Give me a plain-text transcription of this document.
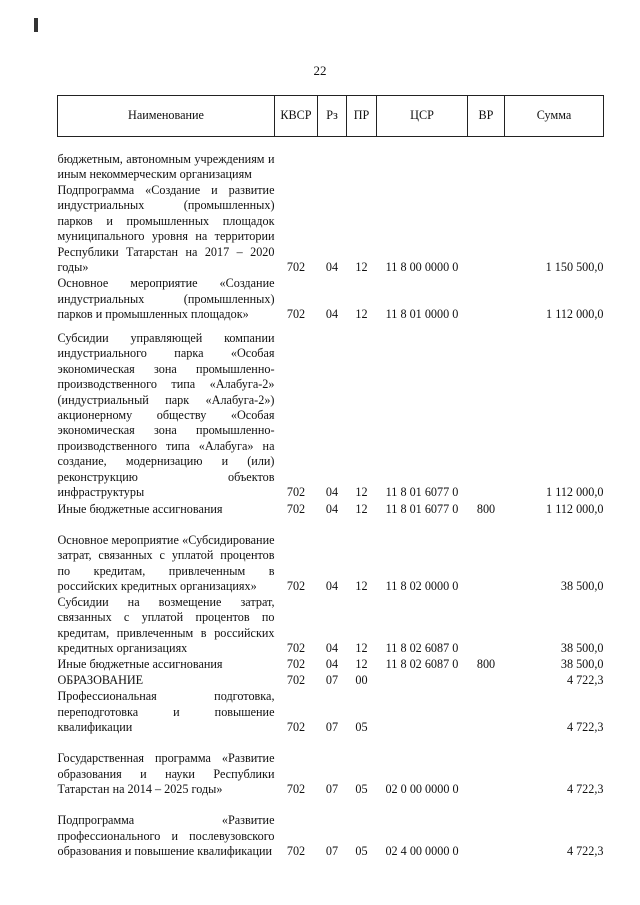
22
Наименование	КВСР	Рз	ПР	ЦСР	ВР	Сумма
бюджетным, автономным учреждениям и иным некоммерческим организациям						
Подпрограмма «Создание и развитие индустриальных (промышленных) парков и промышленных площадок муниципального уровня на территории Республики Татарстан на 2017 – 2020 годы»	702	04	12	11 8 00 0000 0		1 150 500,0
Основное мероприятие «Создание индустриальных (промышленных) парков и промышленных площадок»	702	04	12	11 8 01 0000 0		1 112 000,0
Субсидии управляющей компании индустриального парка «Особая экономическая зона промышленно-производственного типа «Алабуга-2» (индустриальный парк «Алабуга-2») акционерному обществу «Особая экономическая зона промышленно-производственного типа «Алабуга» на создание, модернизацию и (или) реконструкцию объектов инфраструктуры	702	04	12	11 8 01 6077 0		1 112 000,0
Иные бюджетные ассигнования	702	04	12	11 8 01 6077 0	800	1 112 000,0
Основное мероприятие «Субсидирование затрат, связанных с уплатой процентов по кредитам, привлеченным в российских кредитных организациях»	702	04	12	11 8 02 0000 0		38 500,0
Субсидии на возмещение затрат, связанных с уплатой процентов по кредитам, привлеченным в российских кредитных организациях	702	04	12	11 8 02 6087 0		38 500,0
Иные бюджетные ассигнования	702	04	12	11 8 02 6087 0	800	38 500,0
ОБРАЗОВАНИЕ	702	07	00			4 722,3
Профессиональная подготовка, переподготовка и повышение квалификации	702	07	05			4 722,3
Государственная программа «Развитие образования и науки Республики Татарстан на 2014 – 2025 годы»	702	07	05	02 0 00 0000 0		4 722,3
Подпрограмма «Развитие профессионального и послевузовского образования и повышение квалификации	702	07	05	02 4 00 0000 0		4 722,3
